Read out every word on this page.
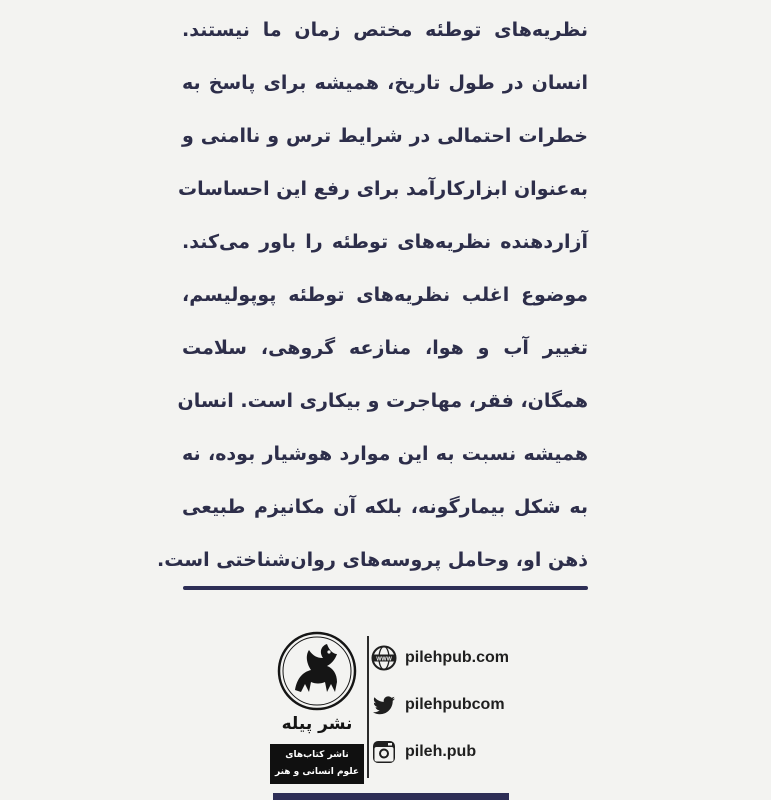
نظریه‌های توطئه مختص زمان ما نیستند.
انسان در طول تاریخ، همیشه برای پاسخ به
خطرات احتمالی در شرایط ترس و ناامنی و
به‌عنوان ابزارکارآمد برای رفع این احساسات
آزاردهنده نظریه‌های توطئه را باور می‌کند.
موضوع اغلب نظریه‌های توطئه پوپولیسم،
تغییر آب و هوا، منازعه گروهی، سلامت
همگان، فقر، مهاجرت و بیکاری است. انسان
همیشه نسبت به این موارد هوشیار بوده، نه
به شکل بیمارگونه، بلکه آن مکانیزم طبیعی
ذهن او، وحامل پروسه‌های روان‌شناختی است.
نشر پیله
ناشر کتاب‌های
علوم انسانی و هنر
WWW pilehpub.com
pilehpubcom
pileh.pub
